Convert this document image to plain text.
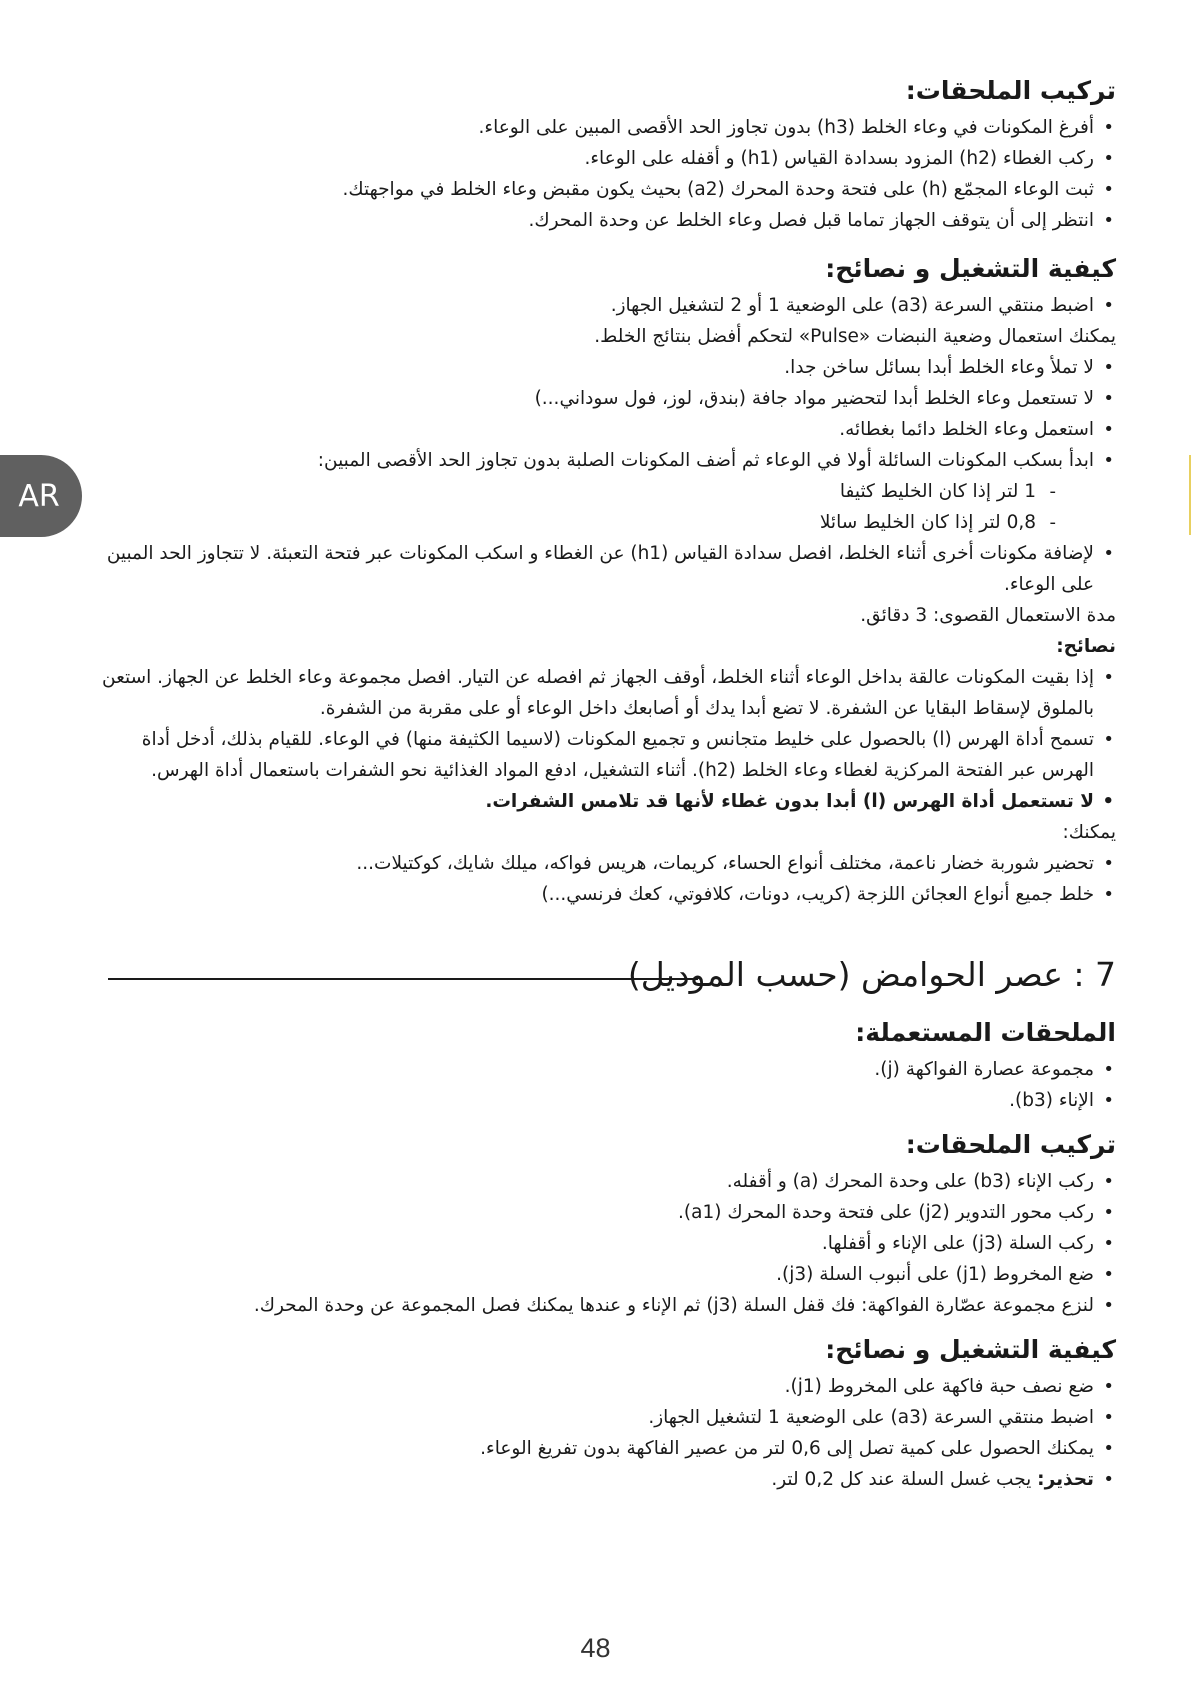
AR
تركيب الملحقات:
• أفرغ المكونات في وعاء الخلط (h3) بدون تجاوز الحد الأقصى المبين على الوعاء.
• ركب الغطاء (h2) المزود بسدادة القياس (h1) و أقفله على الوعاء.
• ثبت الوعاء المجمّع (h) على فتحة وحدة المحرك (a2) بحيث يكون مقبض وعاء الخلط في مواجهتك.
• انتظر إلى أن يتوقف الجهاز تماما قبل فصل وعاء الخلط عن وحدة المحرك.
كيفية التشغيل و نصائح:
• اضبط منتقي السرعة (a3) على الوضعية 1 أو 2 لتشغيل الجهاز.

يمكنك استعمال وضعية النبضات «Pulse» لتحكم أفضل بنتائج الخلط.

• لا تملأ وعاء الخلط أبدا بسائل ساخن جدا.
• لا تستعمل وعاء الخلط أبدا لتحضير مواد جافة (بندق، لوز، فول سوداني...)
• استعمل وعاء الخلط دائما بغطائه.
• ابدأ بسكب المكونات السائلة أولا في الوعاء ثم أضف المكونات الصلبة بدون تجاوز الحد الأقصى المبين:
- 1 لتر إذا كان الخليط كثيفا
- 0,8 لتر إذا كان الخليط سائلا
• لإضافة مكونات أخرى أثناء الخلط، افصل سدادة القياس (h1) عن الغطاء و اسكب المكونات عبر فتحة التعبئة. لا تتجاوز الحد المبين على الوعاء.

مدة الاستعمال القصوى: 3 دقائق.

نصائح:

• إذا بقيت المكونات عالقة بداخل الوعاء أثناء الخلط، أوقف الجهاز ثم افصله عن التيار. افصل مجموعة وعاء الخلط عن الجهاز. استعن بالملوق لإسقاط البقايا عن الشفرة. لا تضع أبدا يدك أو أصابعك داخل الوعاء أو على مقربة من الشفرة.
• تسمح أداة الهرس (l) بالحصول على خليط متجانس و تجميع المكونات (لاسيما الكثيفة منها) في الوعاء. للقيام بذلك، أدخل أداة الهرس عبر الفتحة المركزية لغطاء وعاء الخلط (h2). أثناء التشغيل، ادفع المواد الغذائية نحو الشفرات باستعمال أداة الهرس.
• لا تستعمل أداة الهرس (l) أبدا بدون غطاء لأنها قد تلامس الشفرات.

يمكنك:

• تحضير شوربة خضار ناعمة، مختلف أنواع الحساء، كريمات، هريس فواكه، ميلك شايك، كوكتيلات...
• خلط جميع أنواع العجائن اللزجة (كريب، دونات، كلافوتي، كعك فرنسي...)
7 : عصر الحوامض (حسب الموديل)
الملحقات المستعملة:
• مجموعة عصارة الفواكهة (j).
• الإناء (b3).
تركيب الملحقات:
• ركب الإناء (b3) على وحدة المحرك (a) و أقفله.
• ركب محور التدوير (j2) على فتحة وحدة المحرك (a1).
• ركب السلة (j3) على الإناء و أقفلها.
• ضع المخروط (j1) على أنبوب السلة (j3).
• لنزع مجموعة عصّارة الفواكهة: فك قفل السلة (j3) ثم الإناء و عندها يمكنك فصل المجموعة عن وحدة المحرك.
كيفية التشغيل و نصائح:
• ضع نصف حبة فاكهة على المخروط (j1).
• اضبط منتقي السرعة (a3) على الوضعية 1 لتشغيل الجهاز.
• يمكنك الحصول على كمية تصل إلى 0,6 لتر من عصير الفاكهة بدون تفريغ الوعاء.
• تحذير: يجب غسل السلة عند كل 0,2 لتر.
48
